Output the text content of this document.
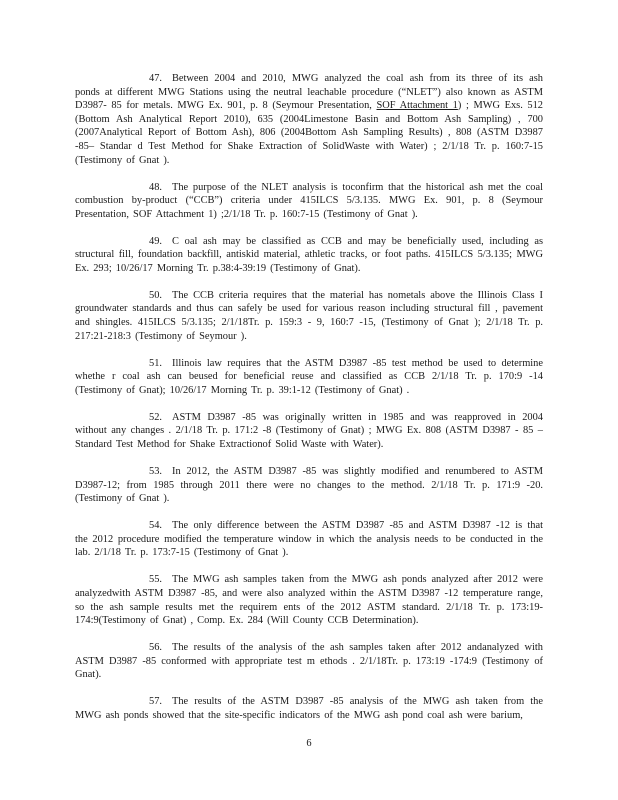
47. Between 2004 and 2010, MWG analyzed the coal ash from its three of its ash ponds at different MWG Stations using the neutral leachable procedure (“NLET”) also known as ASTM D3987- 85 for metals. MWG Ex. 901, p. 8 (Seymour Presentation, SOF Attachment 1) ; MWG Exs. 512 (Bottom Ash Analytical Report 2010), 635 (2004Limestone Basin and Bottom Ash Sampling) , 700 (2007Analytical Report of Bottom Ash), 806 (2004Bottom Ash Sampling Results) , 808 (ASTM D3987 -85– Standar d Test Method for Shake Extraction of SolidWaste with Water) ; 2/1/18 Tr. p. 160:7-15 (Testimony of Gnat ).

48. The purpose of the NLET analysis is toconfirm that the historical ash met the coal combustion by-product (“CCB”) criteria under 415ILCS 5/3.135. MWG Ex. 901, p. 8 (Seymour Presentation, SOF Attachment 1) ;2/1/18 Tr. p. 160:7-15 (Testimony of Gnat ).

49. C oal ash may be classified as CCB and may be beneficially used, including as structural fill, foundation backfill, antiskid material, athletic tracks, or foot paths. 415ILCS 5/3.135; MWG Ex. 293; 10/26/17 Morning Tr. p.38:4-39:19 (Testimony of Gnat).

50. The CCB criteria requires that the material has nometals above the Illinois Class I groundwater standards and thus can safely be used for various reason including structural fill , pavement and shingles. 415ILCS 5/3.135; 2/1/18Tr. p. 159:3 - 9, 160:7 -15, (Testimony of Gnat ); 2/1/18 Tr. p. 217:21-218:3 (Testimony of Seymour ).

51. Illinois law requires that the ASTM D3987 -85 test method be used to determine whethe r coal ash can beused for beneficial reuse and classified as CCB 2/1/18 Tr. p. 170:9 -14 (Testimony of Gnat); 10/26/17 Morning Tr. p. 39:1-12 (Testimony of Gnat) .

52. ASTM D3987 -85 was originally written in 1985 and was reapproved in 2004 without any changes . 2/1/18 Tr. p. 171:2 -8 (Testimony of Gnat) ; MWG Ex. 808 (ASTM D3987 - 85 – Standard Test Method for Shake Extractionof Solid Waste with Water).

53. In 2012, the ASTM D3987 -85 was slightly modified and renumbered to ASTM D3987-12; from 1985 through 2011 there were no changes to the method. 2/1/18 Tr. p. 171:9 -20. (Testimony of Gnat ).

54. The only difference between the ASTM D3987 -85 and ASTM D3987 -12 is that the 2012 procedure modified the temperature window in which the analysis needs to be conducted in the lab. 2/1/18 Tr. p. 173:7-15 (Testimony of Gnat ).

55. The MWG ash samples taken from the MWG ash ponds analyzed after 2012 were analyzedwith ASTM D3987 -85, and were also analyzed within the ASTM D3987 -12 temperature range, so the ash sample results met the requirem ents of the 2012 ASTM standard. 2/1/18 Tr. p. 173:19- 174:9(Testimony of Gnat) , Comp. Ex. 284 (Will County CCB Determination).

56. The results of the analysis of the ash samples taken after 2012 andanalyzed with ASTM D3987 -85 conformed with appropriate test m ethods . 2/1/18Tr. p. 173:19 -174:9 (Testimony of Gnat).

57. The results of the ASTM D3987 -85 analysis of the MWG ash taken from the MWG ash ponds showed that the site-specific indicators of the MWG ash pond coal ash were barium,

6
